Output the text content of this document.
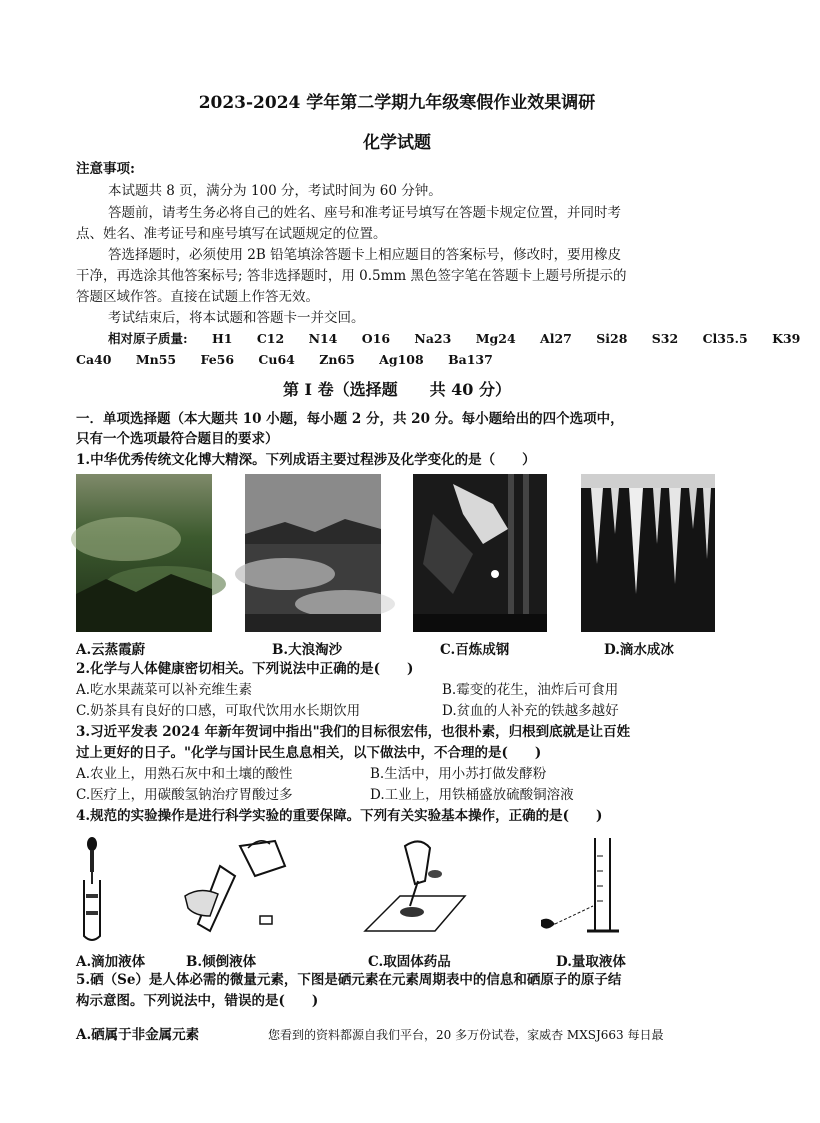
2023-2024 学年第二学期九年级寒假作业效果调研
化学试题
注意事项:
本试题共 8 页，满分为 100 分，考试时间为 60 分钟。
答题前，请考生务必将自己的姓名、座号和准考证号填写在答题卡规定位置，并同时考
点、姓名、准考证号和座号填写在试题规定的位置。
答选择题时，必须使用 2B 铅笔填涂答题卡上相应题目的答案标号，修改时，要用橡皮
干净，再选涂其他答案标号; 答非选择题时，用 0.5mm 黑色签字笔在答题卡上题号所提示的
答题区域作答。直接在试题上作答无效。
考试结束后，将本试题和答题卡一并交回。
相对原子质量: H1 C12 N14 O16 Na23 Mg24 Al27 Si28 S32 Cl35.5 K39
Ca40 Mn55 Fe56 Cu64 Zn65 Ag108 Ba137
第 I 卷（选择题　　共 40 分）
一．单项选择题（本大题共 10 小题，每小题 2 分，共 20 分。每小题给出的四个选项中，
只有一个选项最符合题目的要求）
1.中华优秀传统文化博大精深。下列成语主要过程涉及化学变化的是（　　）
A.云蒸霞蔚	B.大浪淘沙	C.百炼成钢	D.滴水成冰
2.化学与人体健康密切相关。下列说法中正确的是(　　)
A.吃水果蔬菜可以补充维生素	B.霉变的花生，油炸后可食用
C.奶茶具有良好的口感，可取代饮用水长期饮用	D.贫血的人补充的铁越多越好
3.习近平发表 2024 年新年贺词中指出"我们的目标很宏伟，也很朴素，归根到底就是让百姓
过上更好的日子。"化学与国计民生息息相关，以下做法中，不合理的是(　　)
A.农业上，用熟石灰中和土壤的酸性	B.生活中，用小苏打做发酵粉
C.医疗上，用碳酸氢钠治疗胃酸过多	D.工业上，用铁桶盛放硫酸铜溶液
4.规范的实验操作是进行科学实验的重要保障。下列有关实验基本操作，正确的是(　　)
A.滴加液体	B.倾倒液体	C.取固体药品	D.量取液体
5.硒（Se）是人体必需的微量元素，下图是硒元素在元素周期表中的信息和硒原子的原子结
构示意图。下列说法中，错误的是(　　)
A.硒属于非金属元素	您看到的资料都源自我们平台，20 多万份试卷，家威杏 MXSJ663 每日最
